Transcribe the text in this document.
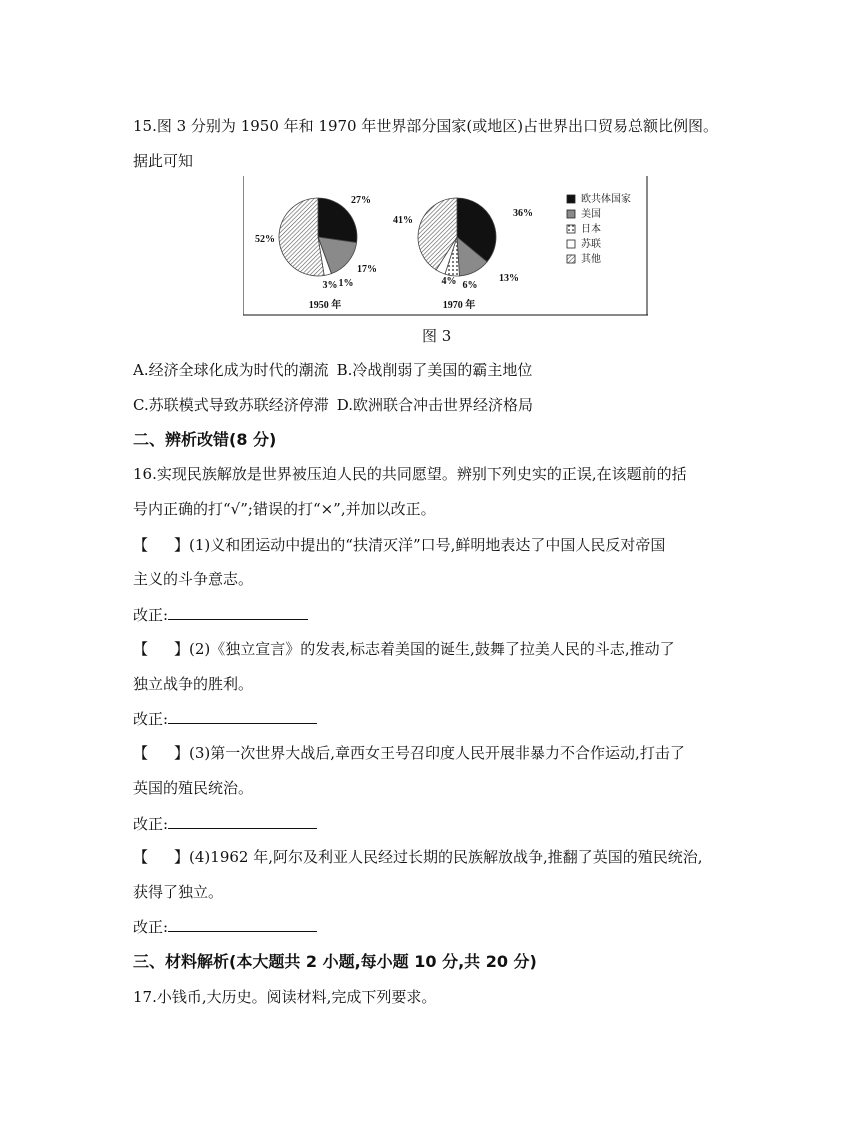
15.图 3 分别为 1950 年和 1970 年世界部分国家(或地区)占世界出口贸易总额比例图。
据此可知
27%
17%
1%
3%
52%
1950 年
36%
13%
6%
4%
41%
1970 年
欧共体国家
美国
日本
苏联
其他
图 3
A.经济全球化成为时代的潮流 B.冷战削弱了美国的霸主地位
C.苏联模式导致苏联经济停滞 D.欧洲联合冲击世界经济格局
二、辨析改错(8 分)
16.实现民族解放是世界被压迫人民的共同愿望。辨别下列史实的正误,在该题前的括
号内正确的打“√”;错误的打“×”,并加以改正。
【 】(1)义和团运动中提出的“扶清灭洋”口号,鲜明地表达了中国人民反对帝国
主义的斗争意志。
改正:
【 】(2)《独立宣言》的发表,标志着美国的诞生,鼓舞了拉美人民的斗志,推动了
独立战争的胜利。
改正:
【 】(3)第一次世界大战后,章西女王号召印度人民开展非暴力不合作运动,打击了
英国的殖民统治。
改正:
【 】(4)1962 年,阿尔及利亚人民经过长期的民族解放战争,推翻了英国的殖民统治,
获得了独立。
改正:
三、材料解析(本大题共 2 小题,每小题 10 分,共 20 分)
17.小钱币,大历史。阅读材料,完成下列要求。
